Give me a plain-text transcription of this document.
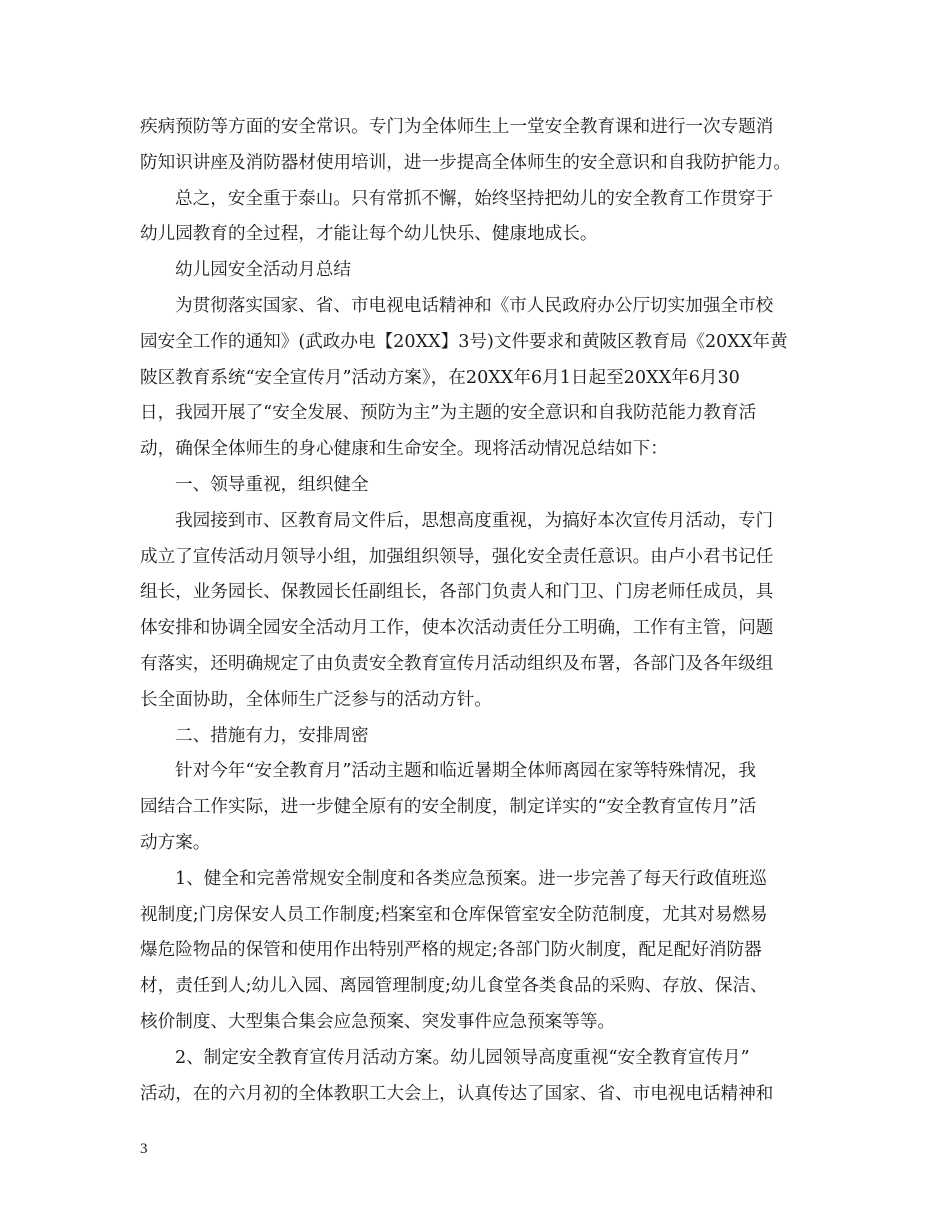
疾病预防等方面的安全常识。专门为全体师生上一堂安全教育课和进行一次专题消
防知识讲座及消防器材使用培训，进一步提高全体师生的安全意识和自我防护能力。
总之，安全重于泰山。只有常抓不懈，始终坚持把幼儿的安全教育工作贯穿于
幼儿园教育的全过程，才能让每个幼儿快乐、健康地成长。
幼儿园安全活动月总结
为贯彻落实国家、省、市电视电话精神和《市人民政府办公厅切实加强全市校
园安全工作的通知》(武政办电【20XX】3号)文件要求和黄陂区教育局《20XX年黄
陂区教育系统“安全宣传月”活动方案》，在20XX年6月1日起至20XX年6月30
日，我园开展了“安全发展、预防为主”为主题的安全意识和自我防范能力教育活
动，确保全体师生的身心健康和生命安全。现将活动情况总结如下：
一、领导重视，组织健全
我园接到市、区教育局文件后，思想高度重视，为搞好本次宣传月活动，专门
成立了宣传活动月领导小组，加强组织领导，强化安全责任意识。由卢小君书记任
组长，业务园长、保教园长任副组长，各部门负责人和门卫、门房老师任成员，具
体安排和协调全园安全活动月工作，使本次活动责任分工明确，工作有主管，问题
有落实，还明确规定了由负责安全教育宣传月活动组织及布署，各部门及各年级组
长全面协助，全体师生广泛参与的活动方针。
二、措施有力，安排周密
针对今年“安全教育月”活动主题和临近暑期全体师离园在家等特殊情况，我
园结合工作实际，进一步健全原有的安全制度，制定详实的“安全教育宣传月”活
动方案。
1、健全和完善常规安全制度和各类应急预案。进一步完善了每天行政值班巡
视制度;门房保安人员工作制度;档案室和仓库保管室安全防范制度，尤其对易燃易
爆危险物品的保管和使用作出特别严格的规定;各部门防火制度，配足配好消防器
材，责任到人;幼儿入园、离园管理制度;幼儿食堂各类食品的采购、存放、保洁、
核价制度、大型集合集会应急预案、突发事件应急预案等等。
2、制定安全教育宣传月活动方案。幼儿园领导高度重视“安全教育宣传月”
活动，在的六月初的全体教职工大会上，认真传达了国家、省、市电视电话精神和
3
